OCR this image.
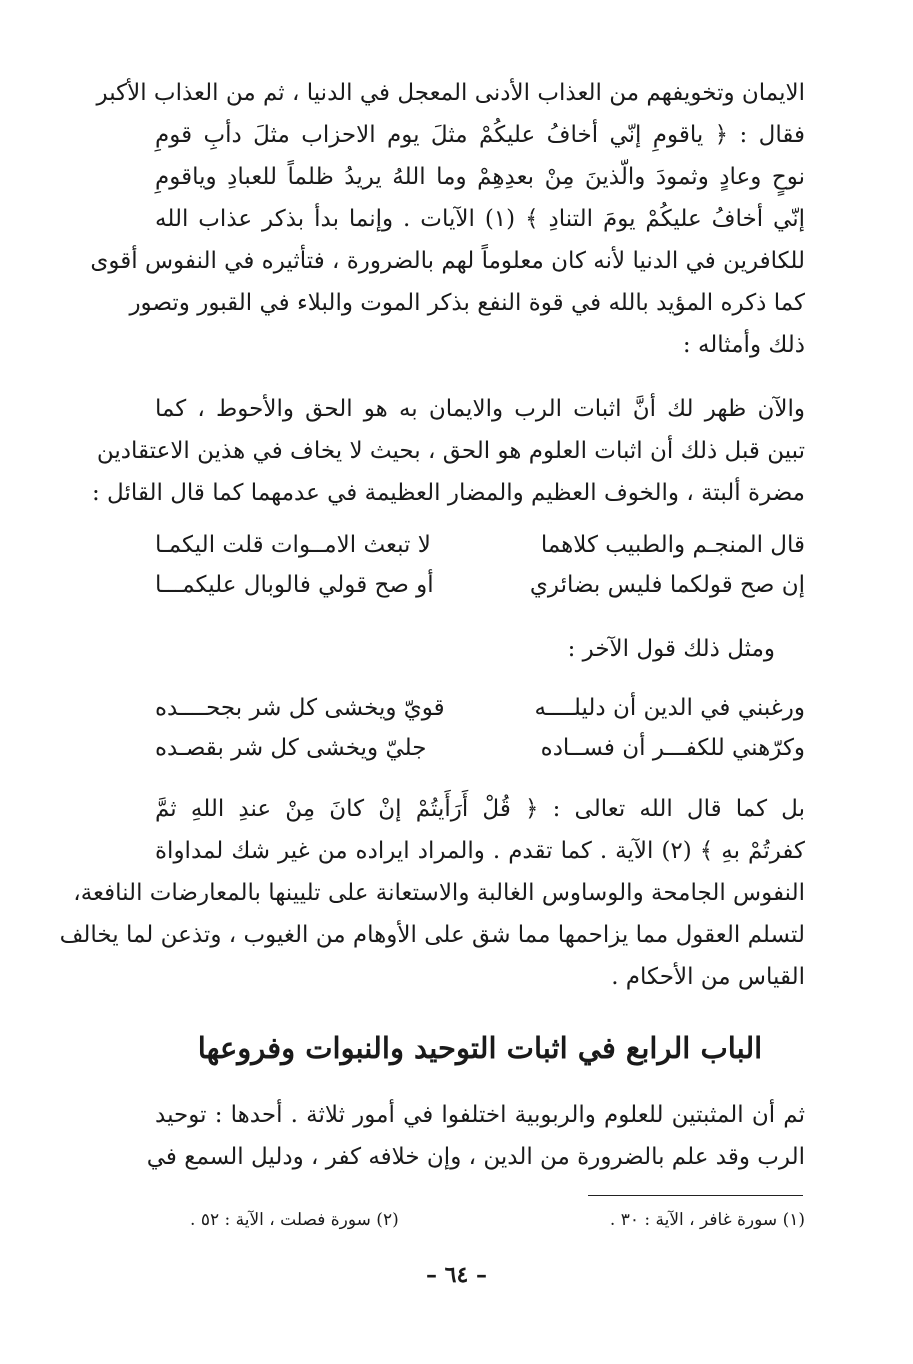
الايمان وتخويفهم من العذاب الأدنى المعجل في الدنيا ، ثم من العذاب الأكبر
فقال : ﴿ ياقومِ إنّي أخافُ عليكُمْ مثلَ يوم الاحزاب مثلَ دأبِ قومِ
نوحٍ وعادٍ وثمودَ والّذينَ مِنْ بعدِهِمْ وما اللهُ يريدُ ظلماً للعبادِ وياقومِ
إنّي أخافُ عليكُمْ يومَ التنادِ ﴾ (١) الآيات . وإنما بدأ بذكر عذاب الله
للكافرين في الدنيا لأنه كان معلوماً لهم بالضرورة ، فتأثيره في النفوس أقوى
كما ذكره المؤيد بالله في قوة النفع بذكر الموت والبلاء في القبور وتصور
ذلك وأمثاله :
والآن ظهر لك أنَّ اثبات الرب والايمان به هو الحق والأحوط ، كما
تبين قبل ذلك أن اثبات العلوم هو الحق ، بحيث لا يخاف في هذين الاعتقادين
مضرة ألبتة ، والخوف العظيم والمضار العظيمة في عدمهما كما قال القائل :
قال المنجـم والطبيب كلاهما
لا تبعث الامــوات قلت اليكمـا
إن صح قولكما فليس بضائري
أو صح قولي فالوبال عليكمـــا
ومثل ذلك قول الآخر :
ورغبني في الدين أن دليلــــه
قويّ ويخشى كل شر بجحــــده
وكرّهني للكفـــر أن فســاده
جليّ ويخشى كل شر بقصـده
بل كما قال الله تعالى : ﴿ قُلْ أَرَأَيتُمْ إنْ كانَ مِنْ عندِ اللهِ ثمَّ
كفرتُمْ بهِ ﴾ (٢) الآية . كما تقدم . والمراد ايراده من غير شك لمداواة
النفوس الجامحة والوساوس الغالبة والاستعانة على تليينها بالمعارضات النافعة،
لتسلم العقول مما يزاحمها مما شق على الأوهام من الغيوب ، وتذعن لما يخالف
القياس من الأحكام .
الباب الرابع في اثبات التوحيد والنبوات وفروعها
ثم أن المثبتين للعلوم والربوبية اختلفوا في أمور ثلاثة . أحدها : توحيد
الرب وقد علم بالضرورة من الدين ، وإن خلافه كفر ، ودليل السمع في
(١) سورة غافر ، الآية : ٣٠ .
(٢) سورة فصلت ، الآية : ٥٢ .
– ٦٤ –
